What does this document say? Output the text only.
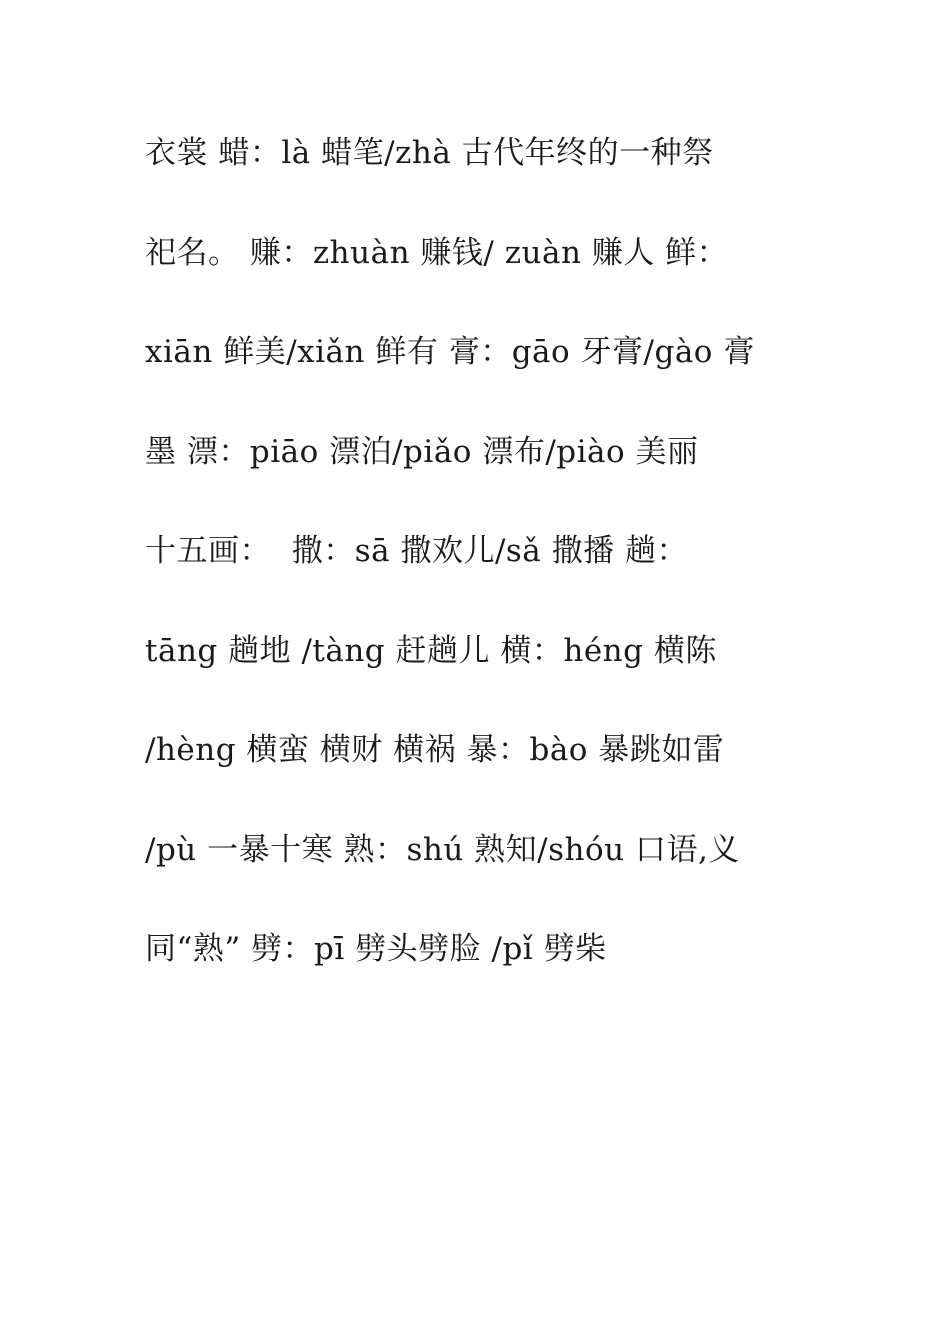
衣裳 蜡：là 蜡笔/zhà 古代年终的一种祭
祀名。 赚：zhuàn 赚钱/ zuàn 赚人 鲜：
xiān 鲜美/xiǎn 鲜有 膏：gāo 牙膏/gào 膏
墨 漂：piāo 漂泊/piǎo 漂布/piào 美丽
十五画：  撒：sā 撒欢儿/sǎ 撒播 趟：
tāng 趟地 /tàng 赶趟儿 横：héng 横陈
/hèng 横蛮 横财 横祸 暴：bào 暴跳如雷
/pù 一暴十寒 熟：shú 熟知/shóu 口语,义
同“熟” 劈：pī 劈头劈脸 /pǐ 劈柴
